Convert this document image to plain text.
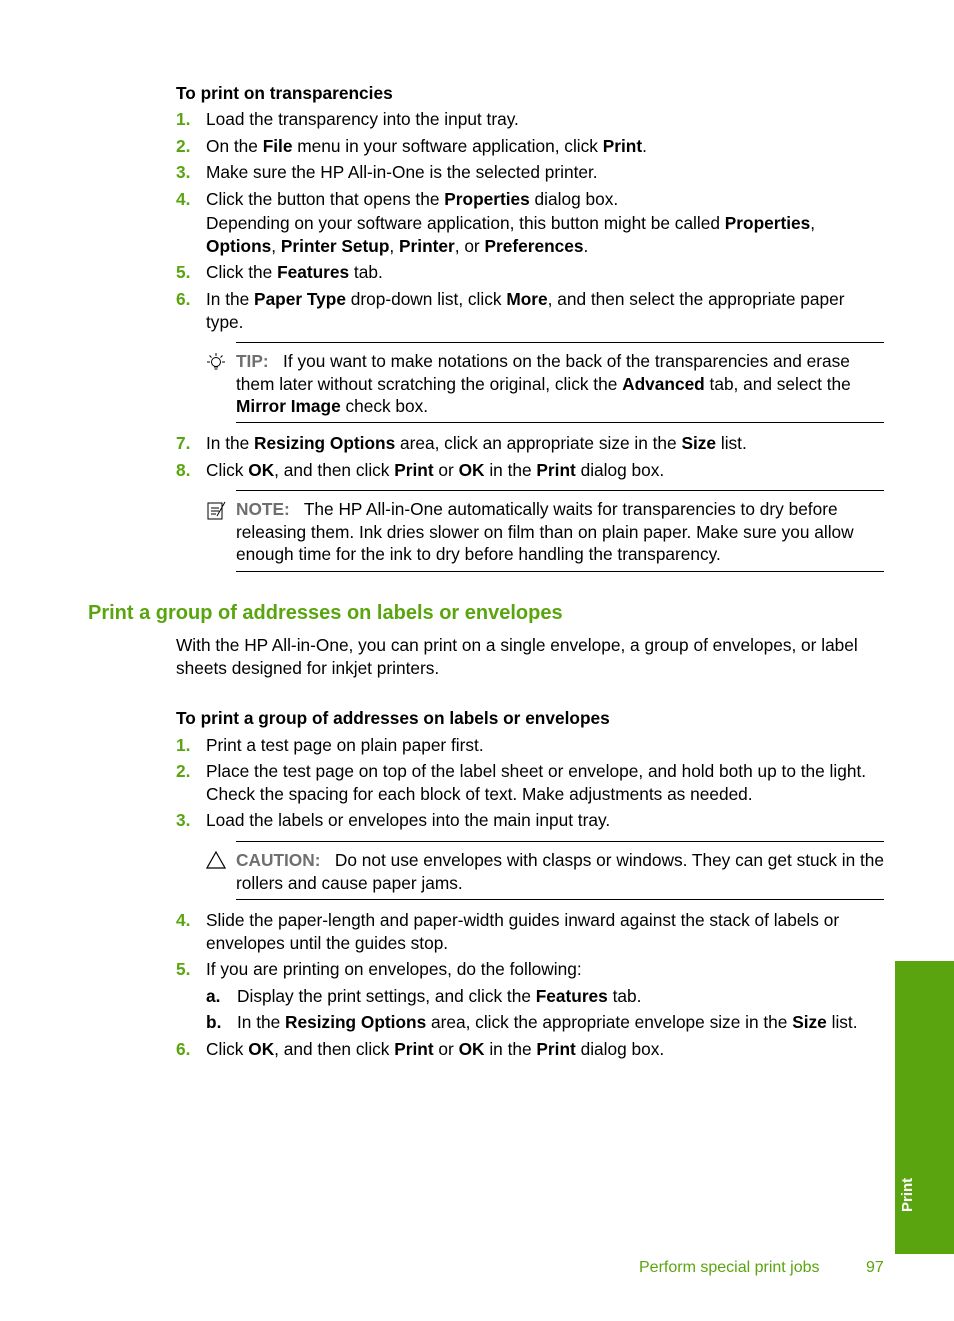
To print on transparencies
1. Load the transparency into the input tray.
2. On the File menu in your software application, click Print.
3. Make sure the HP All-in-One is the selected printer.
4. Click the button that opens the Properties dialog box.
Depending on your software application, this button might be called Properties, Options, Printer Setup, Printer, or Preferences.
5. Click the Features tab.
6. In the Paper Type drop-down list, click More, and then select the appropriate paper type.
TIP: If you want to make notations on the back of the transparencies and erase them later without scratching the original, click the Advanced tab, and select the Mirror Image check box.
7. In the Resizing Options area, click an appropriate size in the Size list.
8. Click OK, and then click Print or OK in the Print dialog box.
NOTE: The HP All-in-One automatically waits for transparencies to dry before releasing them. Ink dries slower on film than on plain paper. Make sure you allow enough time for the ink to dry before handling the transparency.
Print a group of addresses on labels or envelopes
With the HP All-in-One, you can print on a single envelope, a group of envelopes, or label sheets designed for inkjet printers.
To print a group of addresses on labels or envelopes
1. Print a test page on plain paper first.
2. Place the test page on top of the label sheet or envelope, and hold both up to the light. Check the spacing for each block of text. Make adjustments as needed.
3. Load the labels or envelopes into the main input tray.
CAUTION: Do not use envelopes with clasps or windows. They can get stuck in the rollers and cause paper jams.
4. Slide the paper-length and paper-width guides inward against the stack of labels or envelopes until the guides stop.
5. If you are printing on envelopes, do the following:
a. Display the print settings, and click the Features tab.
b. In the Resizing Options area, click the appropriate envelope size in the Size list.
6. Click OK, and then click Print or OK in the Print dialog box.
Print
Perform special print jobs	97
